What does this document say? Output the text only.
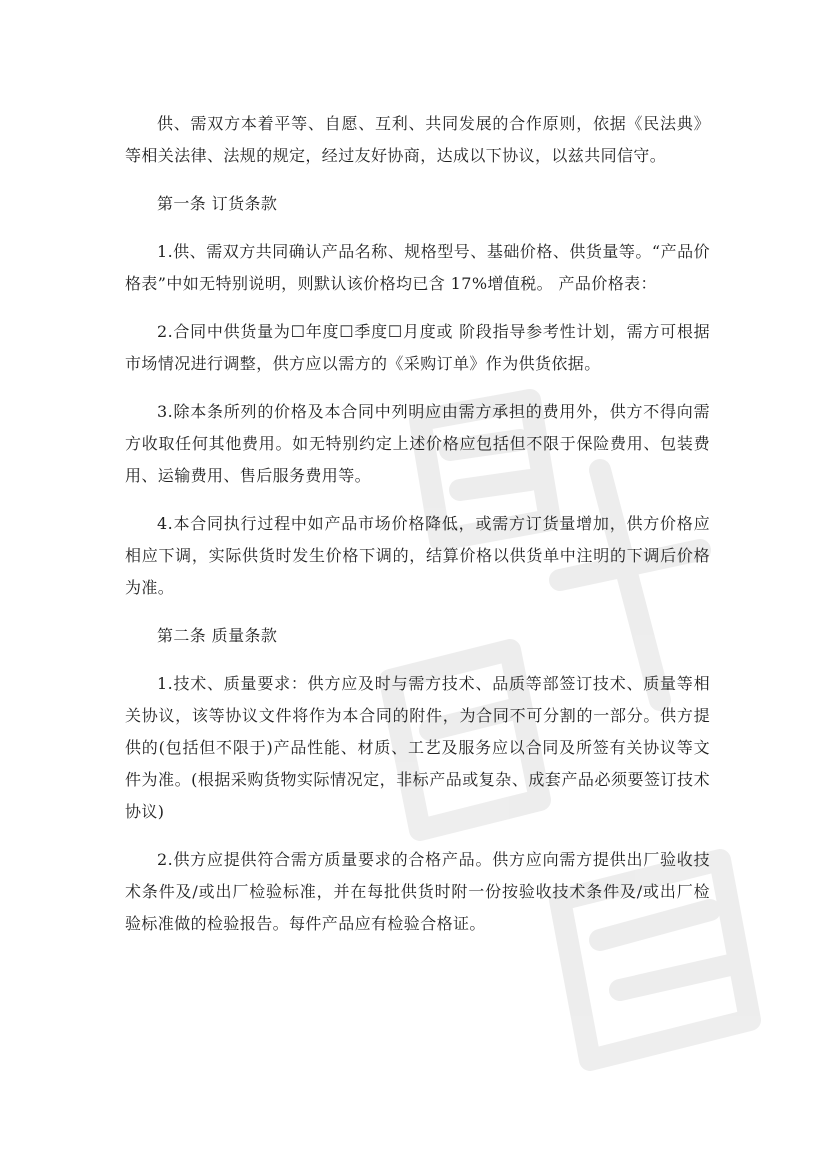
供、需双方本着平等、自愿、互利、共同发展的合作原则，依据《民法典》等相关法律、法规的规定，经过友好协商，达成以下协议，以兹共同信守。

第一条 订货条款

1.供、需双方共同确认产品名称、规格型号、基础价格、供货量等。“产品价格表”中如无特别说明，则默认该价格均已含 17%增值税。 产品价格表：

2.合同中供货量为☐年度☐季度☐月度或 阶段指导参考性计划，需方可根据市场情况进行调整，供方应以需方的《采购订单》作为供货依据。

3.除本条所列的价格及本合同中列明应由需方承担的费用外，供方不得向需方收取任何其他费用。如无特别约定上述价格应包括但不限于保险费用、包装费用、运输费用、售后服务费用等。

4.本合同执行过程中如产品市场价格降低，或需方订货量增加，供方价格应相应下调，实际供货时发生价格下调的，结算价格以供货单中注明的下调后价格为准。

第二条 质量条款

1.技术、质量要求：供方应及时与需方技术、品质等部签订技术、质量等相关协议，该等协议文件将作为本合同的附件，为合同不可分割的一部分。供方提供的(包括但不限于)产品性能、材质、工艺及服务应以合同及所签有关协议等文件为准。(根据采购货物实际情况定，非标产品或复杂、成套产品必须要签订技术协议)

2.供方应提供符合需方质量要求的合格产品。供方应向需方提供出厂验收技术条件及/或出厂检验标准，并在每批供货时附一份按验收技术条件及/或出厂检验标准做的检验报告。每件产品应有检验合格证。
